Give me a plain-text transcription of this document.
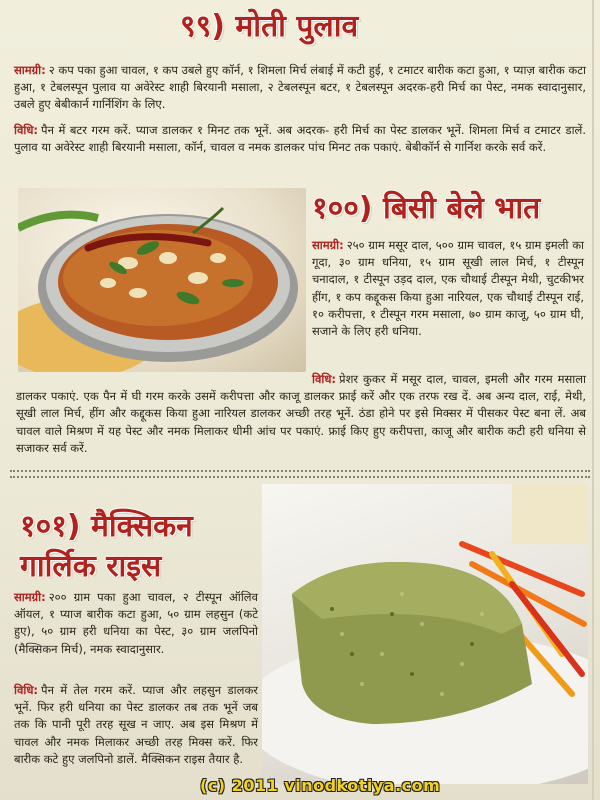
९९) मोती पुलाव
सामग्री: २ कप पका हुआ चावल, १ कप उबले हुए कॉर्न, १ शिमला मिर्च लंबाई में कटी हुई, १ टमाटर बारीक कटा हुआ, १ प्याज़ बारीक कटा हुआ, १ टेबलस्पून पुलाव या अवेरेस्ट शाही बिरयानी मसाला, २ टेबलस्पून बटर, १ टेबलस्पून अदरक-हरी मिर्च का पेस्ट, नमक स्वादानुसार, उबले हुए बेबीकार्न गार्निशिंग के लिए.
विधि: पैन में बटर गरम करें. प्याज डालकर १ मिनट तक भूनें. अब अदरक- हरी मिर्च का पेस्ट डालकर भूनें. शिमला मिर्च व टमाटर डालें. पुलाव या अवेरेस्ट शाही बिरयानी मसाला, कॉर्न, चावल व नमक डालकर पांच मिनट तक पकाएं. बेबीकॉर्न से गार्निश करके सर्व करें.
१००) बिसी बेले भात
सामग्री: २५० ग्राम मसूर दाल, ५०० ग्राम चावल, १५ ग्राम इमली का गूदा, ३० ग्राम धनिया, १५ ग्राम सूखी लाल मिर्च, १ टीस्पून चनादाल, १ टीस्पून उड़द दाल, एक चौथाई टीस्पून मेथी, चुटकीभर हींग, १ कप कद्दूकस किया हुआ नारियल, एक चौथाई टीस्पून राई, १० करीपत्ता, १ टीस्पून गरम मसाला, ७० ग्राम काजू, ५० ग्राम घी, सजाने के लिए हरी धनिया.
विधि: प्रेशर कुकर में मसूर दाल, चावल, इमली और गरम मसाला डालकर पकाएं. एक पैन में घी गरम करके उसमें करीपत्ता और काजू डालकर फ्राई करें और एक तरफ रख दें. अब अन्य दाल, राई, मेथी, सूखी लाल मिर्च, हींग और कद्दूकस किया हुआ नारियल डालकर अच्छी तरह भूनें. ठंडा होने पर इसे मिक्सर में पीसकर पेस्ट बना लें. अब चावल वाले मिश्रण में यह पेस्ट और नमक मिलाकर धीमी आंच पर पकाएं. फ्राई किए हुए करीपत्ता, काजू और बारीक कटी हरी धनिया से सजाकर सर्व करें.
१०१) मैक्सिकन
गार्लिक राइस
सामग्री: २०० ग्राम पका हुआ चावल, २ टीस्पून ऑलिव ऑयल, १ प्याज बारीक कटा हुआ, ५० ग्राम लहसुन (कटे हुए), ५० ग्राम हरी धनिया का पेस्ट, ३० ग्राम जलपिनो (मैक्सिकन मिर्च), नमक स्वादानुसार.
विधि: पैन में तेल गरम करें. प्याज और लहसुन डालकर भूनें. फिर हरी धनिया का पेस्ट डालकर तब तक भूनें जब तक कि पानी पूरी तरह सूख न जाए. अब इस मिश्रण में चावल और नमक मिलाकर अच्छी तरह मिक्स करें. फिर बारीक कटे हुए जलपिनो डालें. मैक्सिकन राइस तैयार है.
(c) 2011 vinodkotiya.com
